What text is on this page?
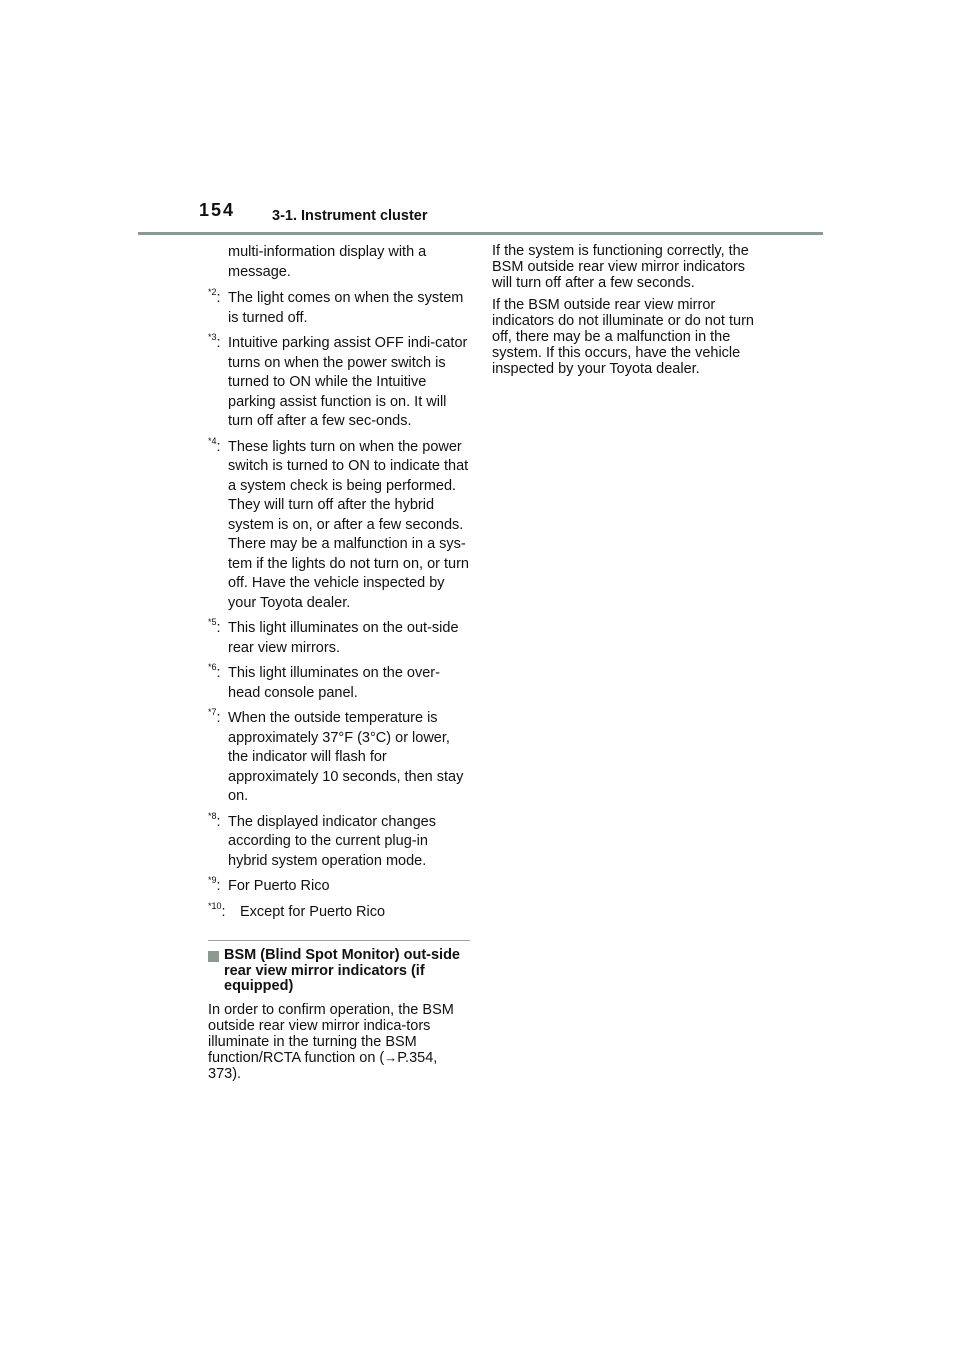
154	3-1. Instrument cluster
multi-information display with a message.
$^{*2}$: The light comes on when the system is turned off.
$^{*3}$: Intuitive parking assist OFF indi-cator turns on when the power switch is turned to ON while the Intuitive parking assist function is on. It will turn off after a few sec-onds.
$^{*4}$: These lights turn on when the power switch is turned to ON to indicate that a system check is being performed. They will turn off after the hybrid system is on, or after a few seconds. There may be a malfunction in a sys-tem if the lights do not turn on, or turn off. Have the vehicle inspected by your Toyota dealer.
$^{*5}$: This light illuminates on the out-side rear view mirrors.
$^{*6}$: This light illuminates on the over-head console panel.
$^{*7}$: When the outside temperature is approximately 37°F (3°C) or lower, the indicator will flash for approximately 10 seconds, then stay on.
$^{*8}$: The displayed indicator changes according to the current plug-in hybrid system operation mode.
$^{*9}$: For Puerto Rico
$^{*10}$: Except for Puerto Rico
BSM (Blind Spot Monitor) out-side rear view mirror indicators (if equipped)

In order to confirm operation, the BSM outside rear view mirror indica-tors illuminate in the turning the BSM function/RCTA function on (→P.354, 373).

If the system is functioning correctly, the BSM outside rear view mirror indicators will turn off after a few seconds.

If the BSM outside rear view mirror indicators do not illuminate or do not turn off, there may be a malfunction in the system. If this occurs, have the vehicle inspected by your Toyota dealer.
